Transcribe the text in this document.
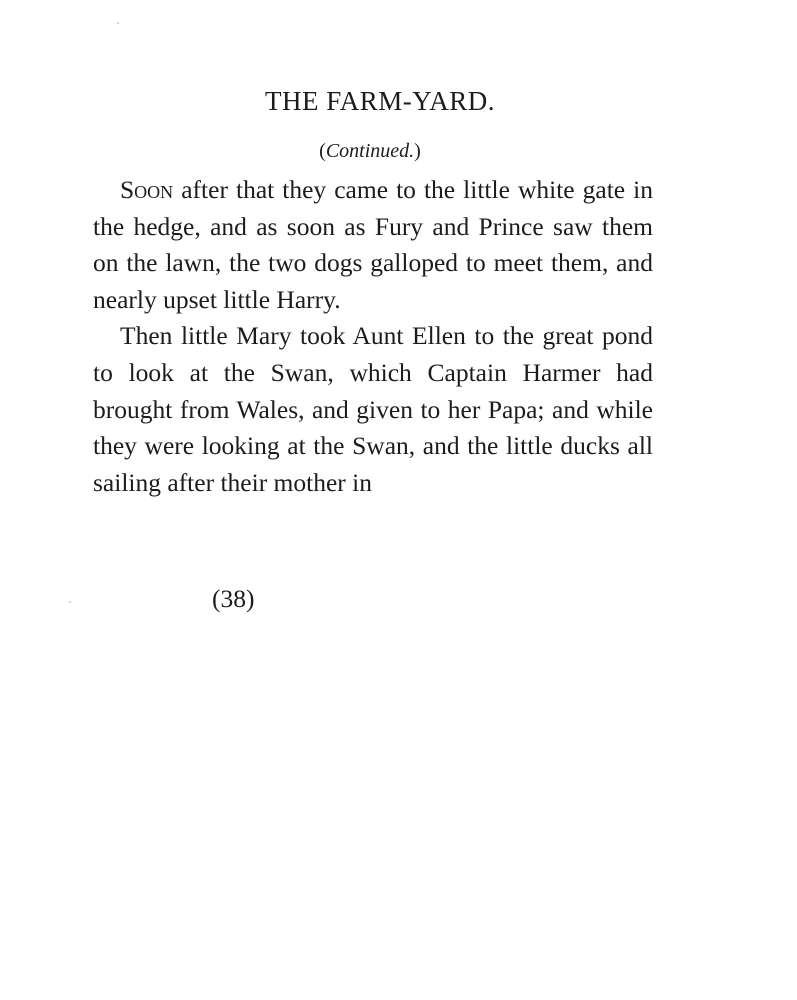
THE FARM-YARD.
(Continued.)

Soon after that they came to the little white gate in the hedge, and as soon as Fury and Prince saw them on the lawn, the two dogs galloped to meet them, and nearly upset little Harry.

Then little Mary took Aunt Ellen to the great pond to look at the Swan, which Captain Harmer had brought from Wales, and given to her Papa; and while they were looking at the Swan, and the little ducks all sailing after their mother in

(38)
